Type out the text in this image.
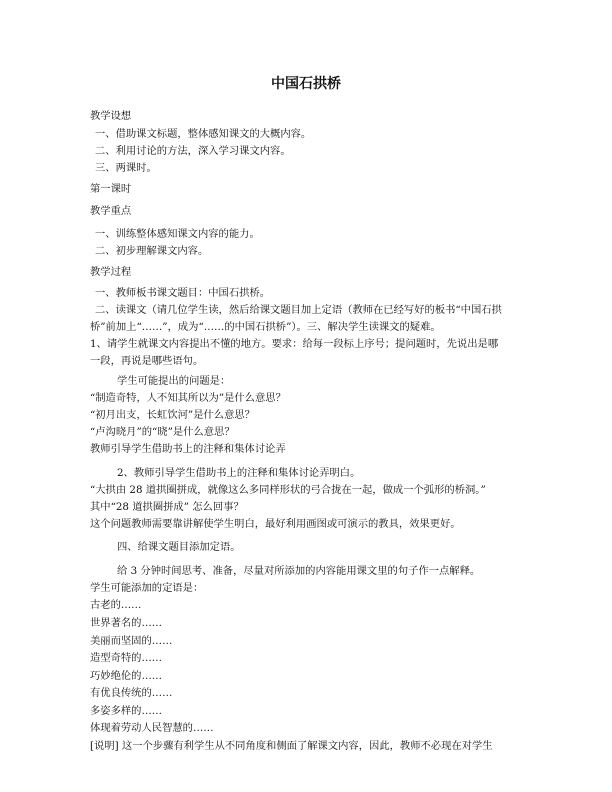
中国石拱桥
教学设想
一、借助课文标题，整体感知课文的大概内容。
二、利用讨论的方法，深入学习课文内容。
三、两课时。
第一课时
教学重点
一、训练整体感知课文内容的能力。
二、初步理解课文内容。
教学过程
一、教师板书课文题目：中国石拱桥。
二、读课文（请几位学生读，然后给课文题目加上定语（教师在已经写好的板书“中国石拱
桥”前加上“……”，成为“……的中国石拱桥”）。三、解决学生读课文的疑难。
1、请学生就课文内容提出不懂的地方。要求：给每一段标上序号；提问题时，先说出是哪
一段，再说是哪些语句。
学生可能提出的问题是：
“制造奇特，人不知其所以为”是什么意思？
“初月出支，长虹饮河”是什么意思？
“卢沟晓月”的“晓”是什么意思？
教师引导学生借助书上的注释和集体讨论弄
2、教师引导学生借助书上的注释和集体讨论弄明白。
“大拱由 28 道拱圈拼成，就像这么多同样形状的弓合拢在一起，做成一个弧形的桥洞。”
其中“28 道拱圈拼成” 怎么回事？
这个问题教师需要靠讲解使学生明白，最好利用画图或可演示的教具，效果更好。
四、给课文题目添加定语。
给 3 分钟时间思考、准备，尽量对所添加的内容能用课文里的句子作一点解释。
学生可能添加的定语是：
古老的……
世界著名的……
美丽而坚固的……
造型奇特的……
巧妙绝伦的……
有优良传统的……
多姿多样的……
体现着劳动人民智慧的……
[说明] 这一个步骤有利学生从不同角度和侧面了解课文内容，因此，教师不必现在对学生
